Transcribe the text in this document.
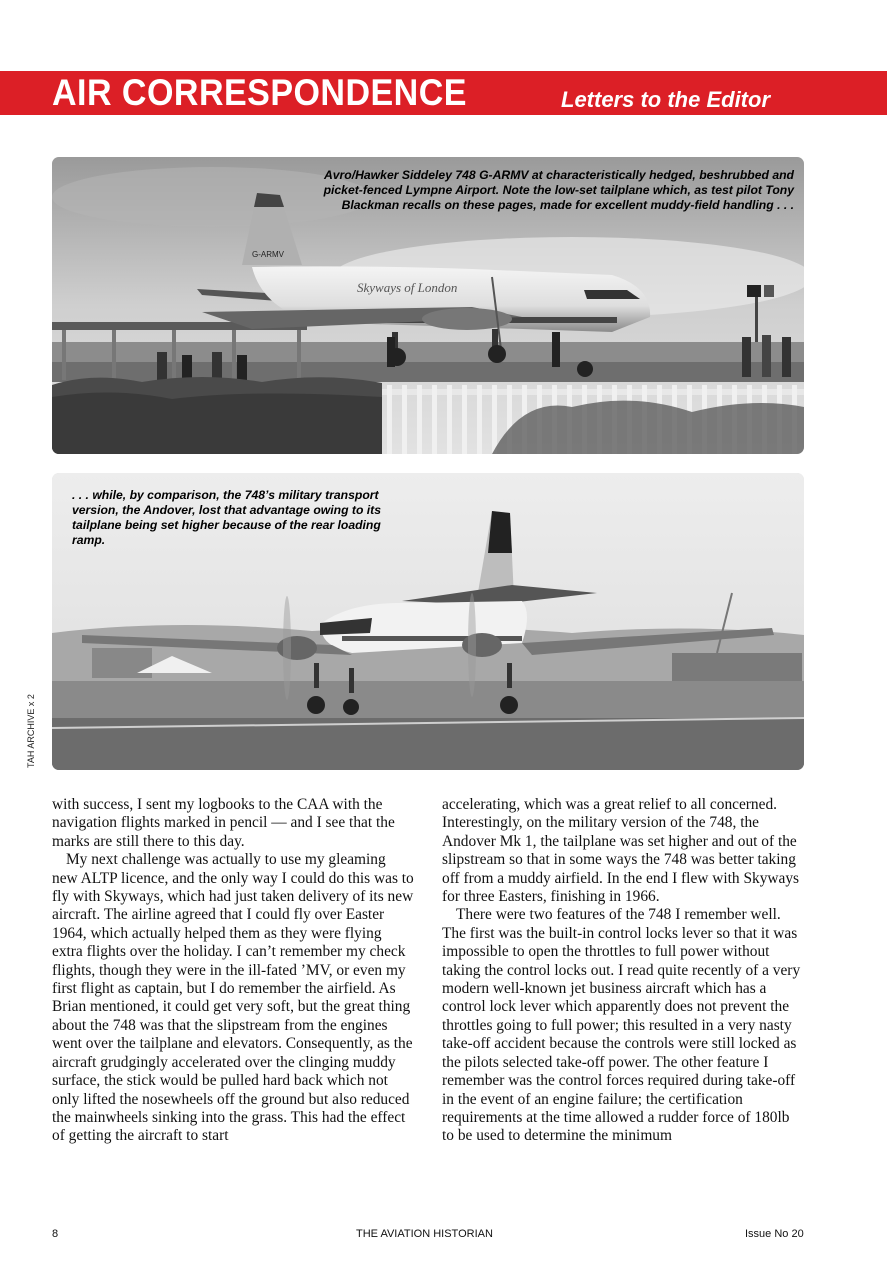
AIR CORRESPONDENCE	Letters to the Editor
G-ARMV
Skyways of London
Avro/Hawker Siddeley 748 G-ARMV at characteristically hedged, beshrubbed and picket-fenced Lympne Airport. Note the low-set tailplane which, as test pilot Tony Blackman recalls on these pages, made for excellent muddy-field handling . . .
. . . while, by comparison, the 748’s military transport version, the Andover, lost that advantage owing to its tailplane being set higher because of the rear loading ramp.
TAH ARCHIVE x 2

with success, I sent my logbooks to the CAA with the navigation flights marked in pencil — and I see that the marks are still there to this day.

My next challenge was actually to use my gleaming new ALTP licence, and the only way I could do this was to fly with Skyways, which had just taken delivery of its new aircraft. The airline agreed that I could fly over Easter 1964, which actually helped them as they were flying extra flights over the holiday. I can’t remember my check flights, though they were in the ill-fated ’MV, or even my first flight as captain, but I do remember the airfield. As Brian mentioned, it could get very soft, but the great thing about the 748 was that the slipstream from the engines went over the tailplane and elevators. Consequently, as the aircraft grudgingly accelerated over the clinging muddy surface, the stick would be pulled hard back which not only lifted the nosewheels off the ground but also reduced the mainwheels sinking into the grass. This had the effect of getting the aircraft to start

accelerating, which was a great relief to all concerned. Interestingly, on the military version of the 748, the Andover Mk 1, the tailplane was set higher and out of the slipstream so that in some ways the 748 was better taking off from a muddy airfield. In the end I flew with Skyways for three Easters, finishing in 1966.

There were two features of the 748 I remember well. The first was the built-in control locks lever so that it was impossible to open the throttles to full power without taking the control locks out. I read quite recently of a very modern well-known jet business aircraft which has a control lock lever which apparently does not prevent the throttles going to full power; this resulted in a very nasty take-off accident because the controls were still locked as the pilots selected take-off power. The other feature I remember was the control forces required during take-off in the event of an engine failure; the certification requirements at the time allowed a rudder force of 180lb to be used to determine the minimum

8	THE AVIATION HISTORIAN	Issue No 20
